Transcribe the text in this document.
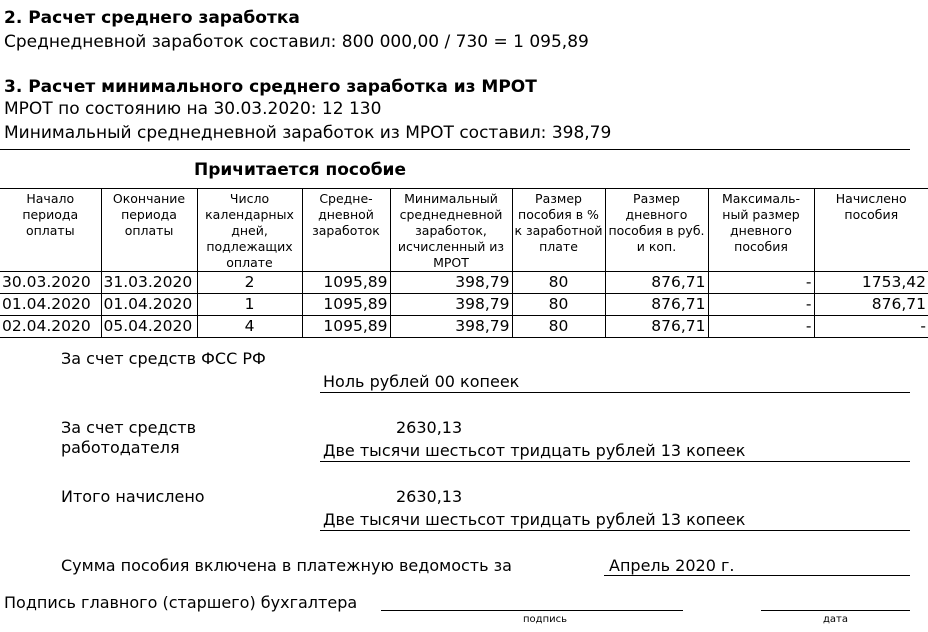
2. Расчет среднего заработка
Среднедневной заработок составил: 800 000,00 / 730 = 1 095,89
3. Расчет минимального среднего заработка из МРОТ
МРОТ по состоянию на 30.03.2020: 12 130
Минимальный среднедневной заработок из МРОТ составил: 398,79
Причитается пособие
Начало периода оплаты	Окончание периода оплаты	Число календарных дней, подлежащих оплате	Средне-дневной заработок	Минимальный среднедневной заработок, исчисленный из МРОТ	Размер пособия в % к заработной плате	Размер дневного пособия в руб. и коп.	Максималь-ный размер дневного пособия	Начислено пособия
30.03.2020	31.03.2020	2	1095,89	398,79	80	876,71	-	1753,42
01.04.2020	01.04.2020	1	1095,89	398,79	80	876,71	-	876,71
02.04.2020	05.04.2020	4	1095,89	398,79	80	876,71	-	-
За счет средств ФСС РФ
Ноль рублей 00 копеек
За счет средств
работодателя
2630,13
Две тысячи шестьсот тридцать рублей 13 копеек
Итого начислено	2630,13
Две тысячи шестьсот тридцать рублей 13 копеек
Сумма пособия включена в платежную ведомость за	Апрель 2020 г.
Подпись главного (старшего) бухгалтера
подпись	дата
